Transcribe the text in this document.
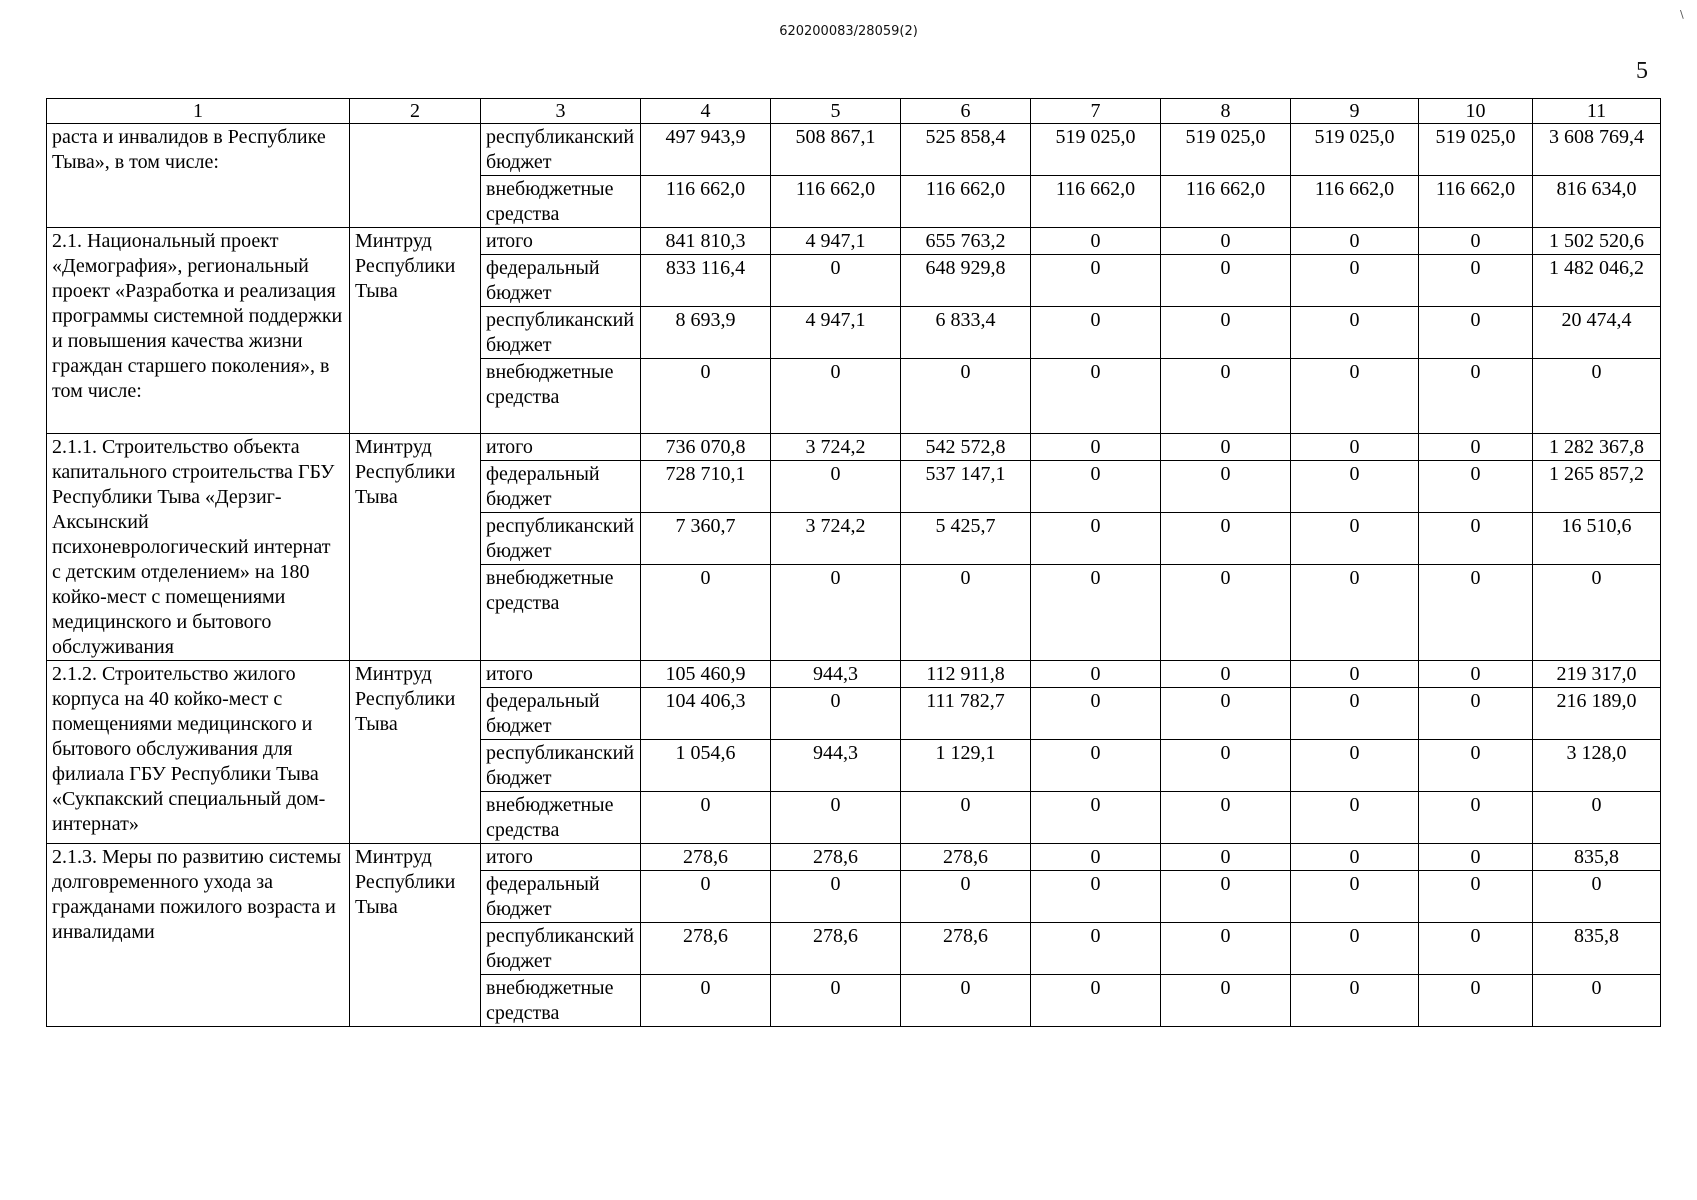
620200083/28059(2)
5
\
1	2	3	4	5	6	7	8	9	10	11
раста и инвалидов в Республике Тыва», в том числе:		республиканский бюджет	497 943,9	508 867,1	525 858,4	519 025,0	519 025,0	519 025,0	519 025,0	3 608 769,4
		внебюджетные средства	116 662,0	116 662,0	116 662,0	116 662,0	116 662,0	116 662,0	116 662,0	816 634,0
2.1. Национальный проект «Демография», региональный проект «Разработка и реализация программы системной поддержки и повышения качества жизни граждан старшего поколения», в том числе:	Минтруд Республики Тыва	итого	841 810,3	4 947,1	655 763,2	0	0	0	0	1 502 520,6
		федеральный бюджет	833 116,4	0	648 929,8	0	0	0	0	1 482 046,2
		республиканский бюджет	8 693,9	4 947,1	6 833,4	0	0	0	0	20 474,4
		внебюджетные средства	0	0	0	0	0	0	0	0
2.1.1. Строительство объекта капитального строительства ГБУ Республики Тыва «Дерзиг-Аксынский психоневрологический интернат с детским отделением» на 180 койко-мест с помещениями медицинского и бытового обслуживания	Минтруд Республики Тыва	итого	736 070,8	3 724,2	542 572,8	0	0	0	0	1 282 367,8
		федеральный бюджет	728 710,1	0	537 147,1	0	0	0	0	1 265 857,2
		республиканский бюджет	7 360,7	3 724,2	5 425,7	0	0	0	0	16 510,6
		внебюджетные средства	0	0	0	0	0	0	0	0
2.1.2. Строительство жилого корпуса на 40 койко-мест с помещениями медицинского и бытового обслуживания для филиала ГБУ Республики Тыва «Сукпакский специальный дом-интернат»	Минтруд Республики Тыва	итого	105 460,9	944,3	112 911,8	0	0	0	0	219 317,0
		федеральный бюджет	104 406,3	0	111 782,7	0	0	0	0	216 189,0
		республиканский бюджет	1 054,6	944,3	1 129,1	0	0	0	0	3 128,0
		внебюджетные средства	0	0	0	0	0	0	0	0
2.1.3. Меры по развитию системы долговременного ухода за гражданами пожилого возраста и инвалидами	Минтруд Республики Тыва	итого	278,6	278,6	278,6	0	0	0	0	835,8
		федеральный бюджет	0	0	0	0	0	0	0	0
		республиканский бюджет	278,6	278,6	278,6	0	0	0	0	835,8
		внебюджетные средства	0	0	0	0	0	0	0	0
